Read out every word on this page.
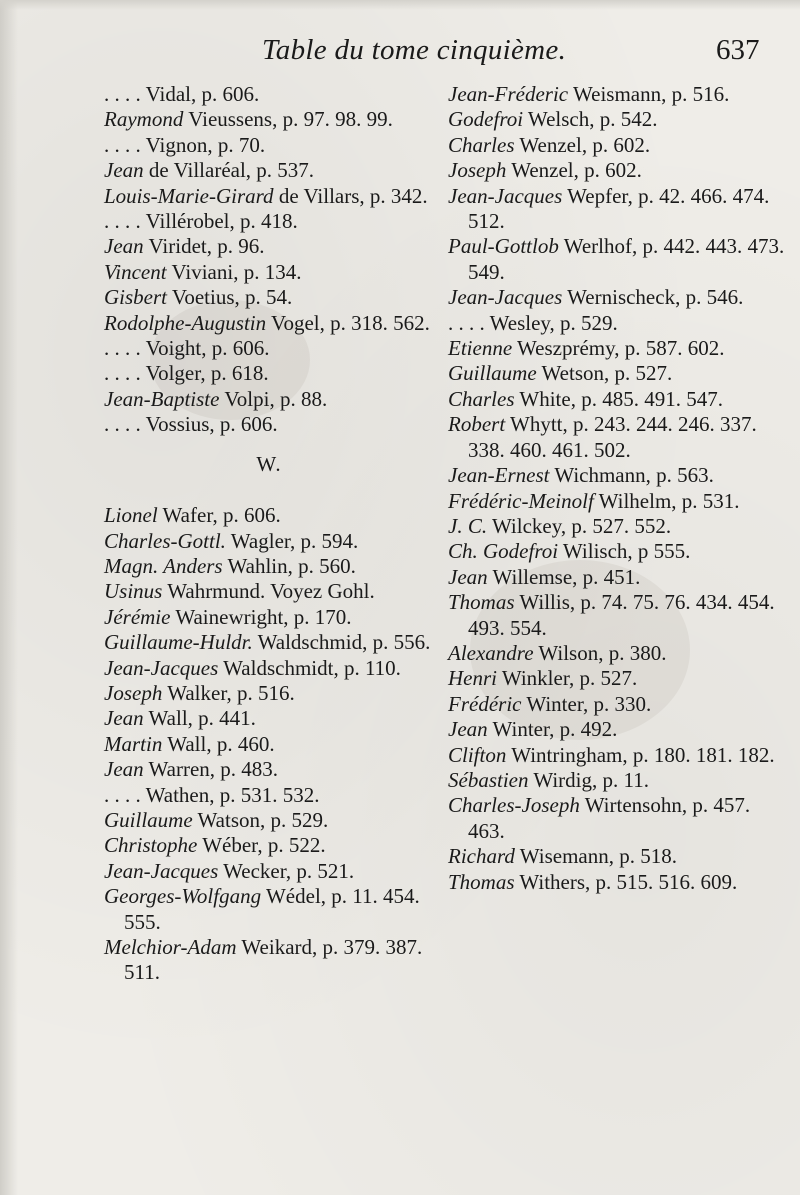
Table du tome cinquième.	637

. . . . Vidal, p. 606.

Raymond Vieussens, p. 97. 98. 99.

. . . . Vignon, p. 70.

Jean de Villaréal, p. 537.

Louis-Marie-Girard de Villars, p. 342.

. . . . Villérobel, p. 418.

Jean Viridet, p. 96.

Vincent Viviani, p. 134.

Gisbert Voetius, p. 54.

Rodolphe-Augustin Vogel, p. 318. 562.

. . . . Voight, p. 606.

. . . . Volger, p. 618.

Jean-Baptiste Volpi, p. 88.

. . . . Vossius, p. 606.

W.

Lionel Wafer, p. 606.

Charles-Gottl. Wagler, p. 594.

Magn. Anders Wahlin, p. 560.

Usinus Wahrmund. Voyez Gohl.

Jérémie Wainewright, p. 170.

Guillaume-Huldr. Waldschmid, p. 556.

Jean-Jacques Waldschmidt, p. 110.

Joseph Walker, p. 516.

Jean Wall, p. 441.

Martin Wall, p. 460.

Jean Warren, p. 483.

. . . . Wathen, p. 531. 532.

Guillaume Watson, p. 529.

Christophe Wéber, p. 522.

Jean-Jacques Wecker, p. 521.

Georges-Wolfgang Wédel, p. 11. 454. 555.

Melchior-Adam Weikard, p. 379. 387. 511.

Jean-Fréderic Weismann, p. 516.

Godefroi Welsch, p. 542.

Charles Wenzel, p. 602.

Joseph Wenzel, p. 602.

Jean-Jacques Wepfer, p. 42. 466. 474. 512.

Paul-Gottlob Werlhof, p. 442. 443. 473. 549.

Jean-Jacques Wernischeck, p. 546.

. . . . Wesley, p. 529.

Etienne Weszprémy, p. 587. 602.

Guillaume Wetson, p. 527.

Charles White, p. 485. 491. 547.

Robert Whytt, p. 243. 244. 246. 337. 338. 460. 461. 502.

Jean-Ernest Wichmann, p. 563.

Frédéric-Meinolf Wilhelm, p. 531.

J. C. Wilckey, p. 527. 552.

Ch. Godefroi Wilisch, p 555.

Jean Willemse, p. 451.

Thomas Willis, p. 74. 75. 76. 434. 454. 493. 554.

Alexandre Wilson, p. 380.

Henri Winkler, p. 527.

Frédéric Winter, p. 330.

Jean Winter, p. 492.

Clifton Wintringham, p. 180. 181. 182.

Sébastien Wirdig, p. 11.

Charles-Joseph Wirtensohn, p. 457. 463.

Richard Wisemann, p. 518.

Thomas Withers, p. 515. 516. 609.
